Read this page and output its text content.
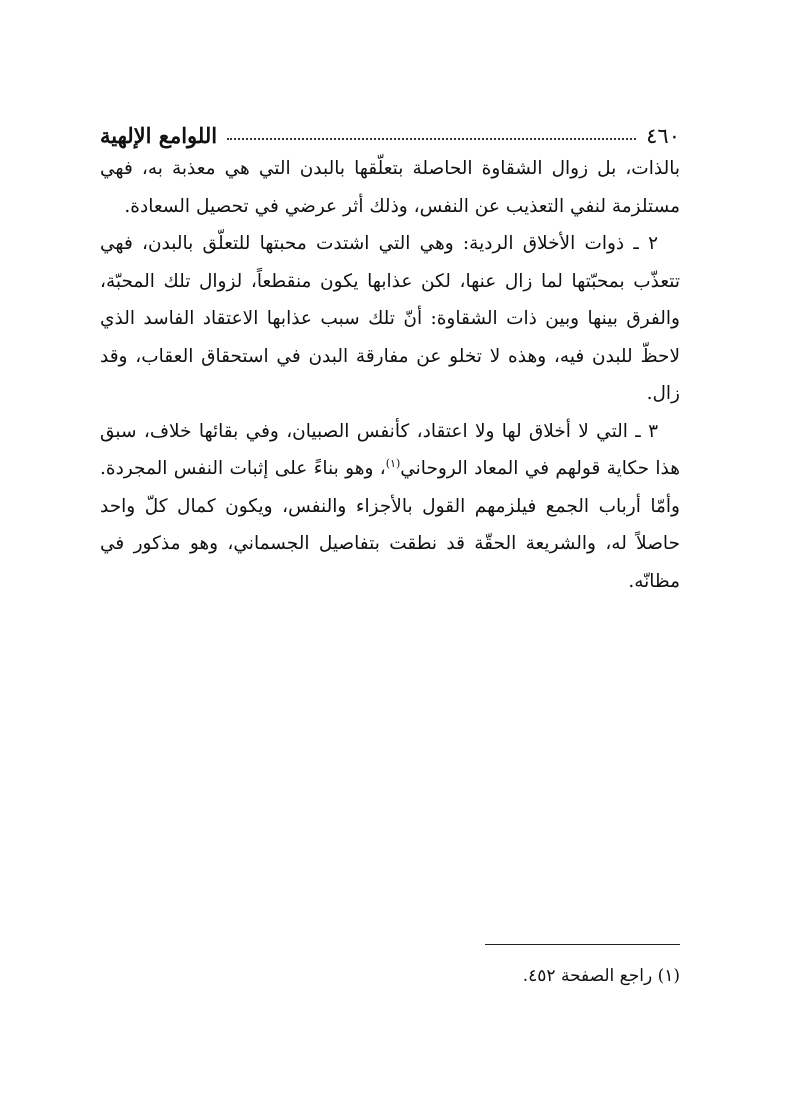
٤٦٠
اللوامع الإلهية

بالذات، بل زوال الشقاوة الحاصلة بتعلّقها بالبدن التي هي معذبة به، فهي مستلزمة لنفي التعذيب عن النفس، وذلك أثر عرضي في تحصيل السعادة.

٢ ـ ذوات الأخلاق الردية: وهي التي اشتدت محبتها للتعلّق بالبدن، فهي تتعذّب بمحبّتها لما زال عنها، لكن عذابها يكون منقطعاً، لزوال تلك المحبّة، والفرق بينها وبين ذات الشقاوة: أنّ تلك سبب عذابها الاعتقاد الفاسد الذي لاحظّ للبدن فيه، وهذه لا تخلو عن مفارقة البدن في استحقاق العقاب، وقد زال.

٣ ـ التي لا أخلاق لها ولا اعتقاد، كأنفس الصبيان، وفي بقائها خلاف، سبق هذا حكاية قولهم في المعاد الروحاني$^{(١)}$، وهو بناءً على إثبات النفس المجردة. وأمّا أرباب الجمع فيلزمهم القول بالأجزاء والنفس، ويكون كمال كلّ واحد حاصلاً له، والشريعة الحقّة قد نطقت بتفاصيل الجسماني، وهو مذكور في مظانّه.

(١) راجع الصفحة ٤٥٢.
